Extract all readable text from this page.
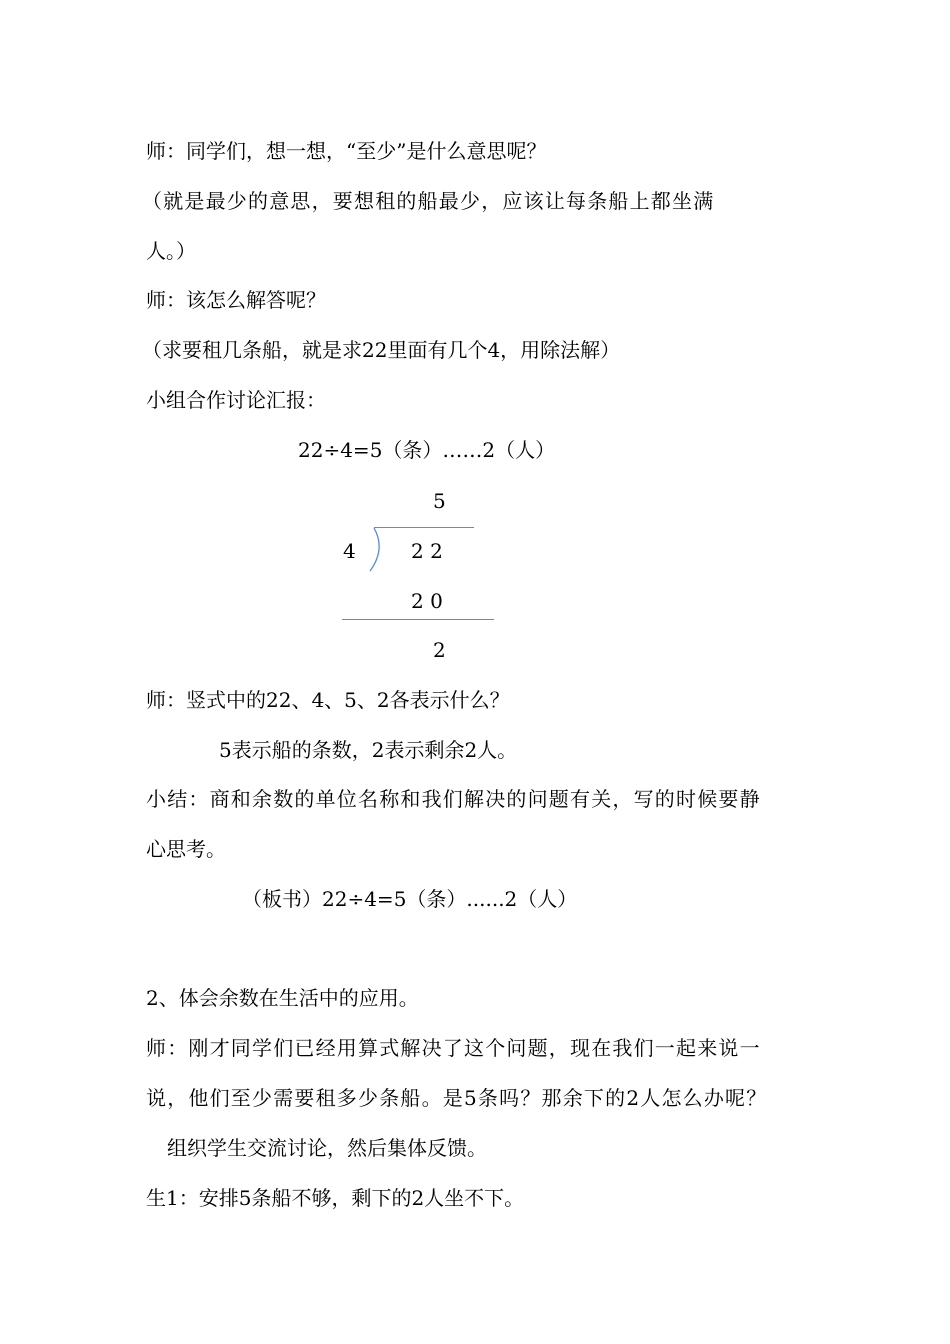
师：同学们，想一想，“至少”是什么意思呢？
（就是最少的意思，要想租的船最少，应该让每条船上都坐满
人。）
师：该怎么解答呢？
（求要租几条船，就是求22里面有几个4，用除法解）
小组合作讨论汇报：
22÷4=5（条）……2（人）
5
4	2 2
2 0
2
师：竖式中的22、4、5、2各表示什么？
5表示船的条数，2表示剩余2人。
小结：商和余数的单位名称和我们解决的问题有关，写的时候要静
心思考。
（板书）22÷4=5（条）......2（人）
2、体会余数在生活中的应用。
师：刚才同学们已经用算式解决了这个问题，现在我们一起来说一
说，他们至少需要租多少条船。是5条吗？那余下的2人怎么办呢？
组织学生交流讨论，然后集体反馈。
生1：安排5条船不够，剩下的2人坐不下。
